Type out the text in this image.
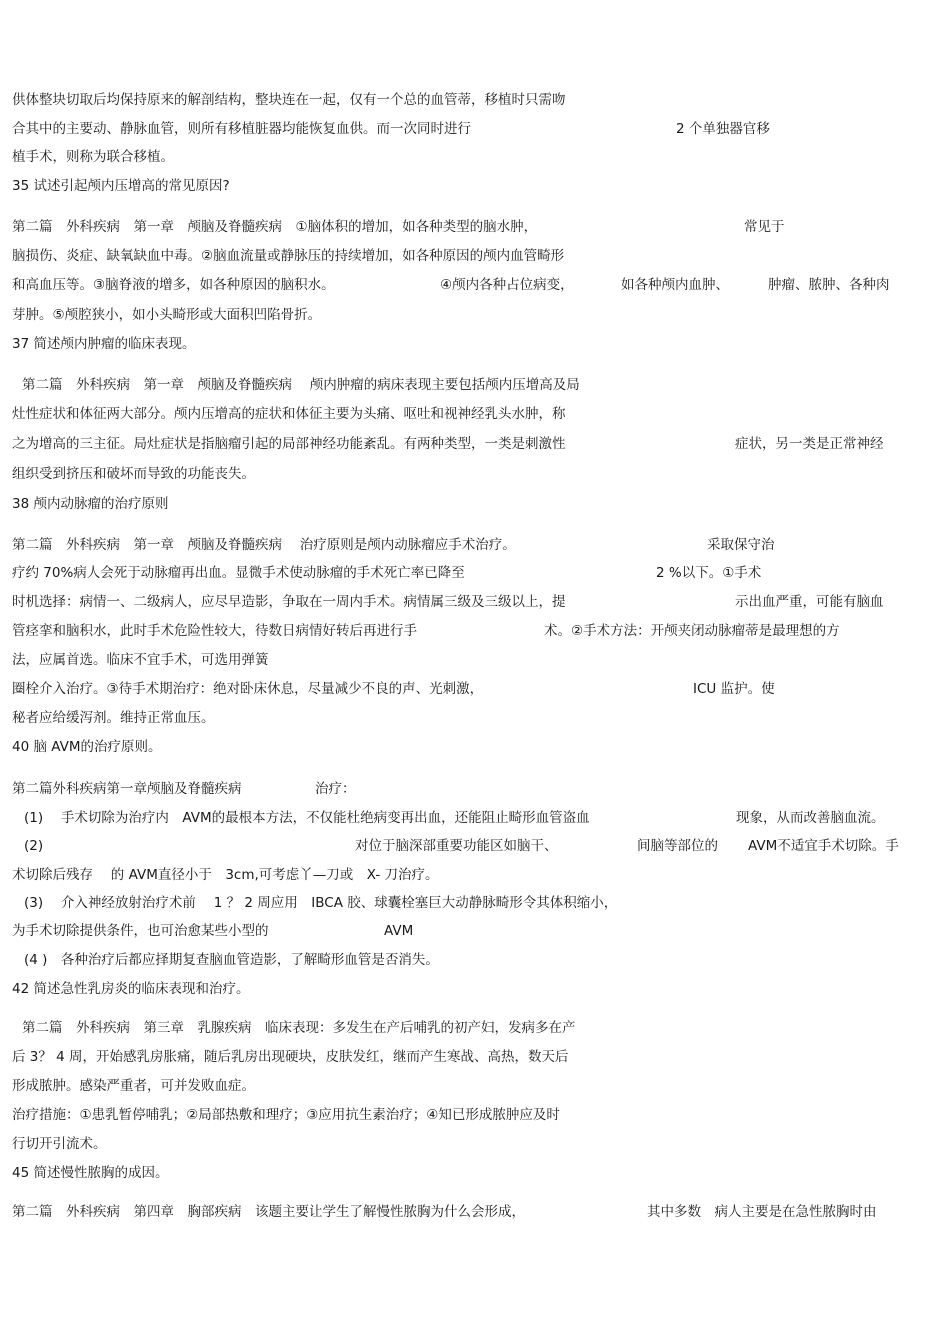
供体整块切取后均保持原来的解剖结构，整块连在一起，仅有一个总的血管蒂，移植时只需吻
合其中的主要动、静脉血管，则所有移植脏器均能恢复血供。而一次同时进行	2 个单独器官移
植手术，则称为联合移植。
35 试述引起颅内压增高的常见原因?
第二篇　外科疾病　第一章　颅脑及脊髓疾病　①脑体积的增加，如各种类型的脑水肿，	常见于
脑损伤、炎症、缺氧缺血中毒。②脑血流量或静脉压的持续增加，如各种原因的颅内血管畸形
和高血压等。③脑脊液的增多，如各种原因的脑积水。	④颅内各种占位病变，	如各种颅内血肿、	肿瘤、脓肿、各种肉
芽肿。⑤颅腔狭小，如小头畸形或大面积凹陷骨折。
37 简述颅内肿瘤的临床表现。
第二篇　外科疾病　第一章　颅脑及脊髓疾病　 颅内肿瘤的病床表现主要包括颅内压增高及局
灶性症状和体征两大部分。颅内压增高的症状和体征主要为头痛、呕吐和视神经乳头水肿，称
之为增高的三主征。局灶症状是指脑瘤引起的局部神经功能紊乱。有两种类型，一类是刺激性	症状，另一类是正常神经
组织受到挤压和破坏而导致的功能丧失。
38 颅内动脉瘤的治疗原则
第二篇　外科疾病　第一章　颅脑及脊髓疾病　 治疗原则是颅内动脉瘤应手术治疗。	采取保守治
疗约 70%病人会死于动脉瘤再出血。显微手术使动脉瘤的手术死亡率已降至	2 %以下。①手术
时机选择：病情一、二级病人，应尽早造影，争取在一周内手术。病情属三级及三级以上，提	示出血严重，可能有脑血
管痉挛和脑积水，此时手术危险性较大，待数日病情好转后再进行手	术。②手术方法：开颅夹闭动脉瘤蒂是最理想的方
法，应属首选。临床不宜手术，可选用弹簧
圈栓介入治疗。③待手术期治疗：绝对卧床休息，尽量减少不良的声、光刺激，	ICU 监护。使
秘者应给缓泻剂。维持正常血压。
40 脑 AVM的治疗原则。
第二篇外科疾病第一章颅脑及脊髓疾病	治疗：
(1)　 手术切除为治疗内　AVM的最根本方法，不仅能杜绝病变再出血，还能阻止畸形血管盗血	现象，从而改善脑血流。
(2)	对位于脑深部重要功能区如脑干、	间脑等部位的 AVM不适宜手术切除。手
术切除后残存　 的 AVM直径小于　3cm,可考虑丫—刀或　X- 刀治疗。
(3)　 介入神经放射治疗术前　 1 ？ 2 周应用　IBCA 胶、球囊栓塞巨大动静脉畸形令其体积缩小，
为手术切除提供条件，也可治愈某些小型的	AVM
(4 )　各种治疗后都应择期复查脑血管造影，了解畸形血管是否消失。
42 简述急性乳房炎的临床表现和治疗。
第二篇　外科疾病　第三章　乳腺疾病　临床表现：多发生在产后哺乳的初产妇，发病多在产
后 3？ 4 周，开始感乳房胀痛，随后乳房出现硬块，皮肤发红，继而产生寒战、高热，数天后
形成脓肿。感染严重者，可并发败血症。
治疗措施：①患乳暂停哺乳；②局部热敷和理疗；③应用抗生素治疗；④知已形成脓肿应及时
行切开引流术。
45 简述慢性脓胸的成因。
第二篇　外科疾病　第四章　胸部疾病　该题主要让学生了解慢性脓胸为什么会形成，	其中多数　病人主要是在急性脓胸时由
